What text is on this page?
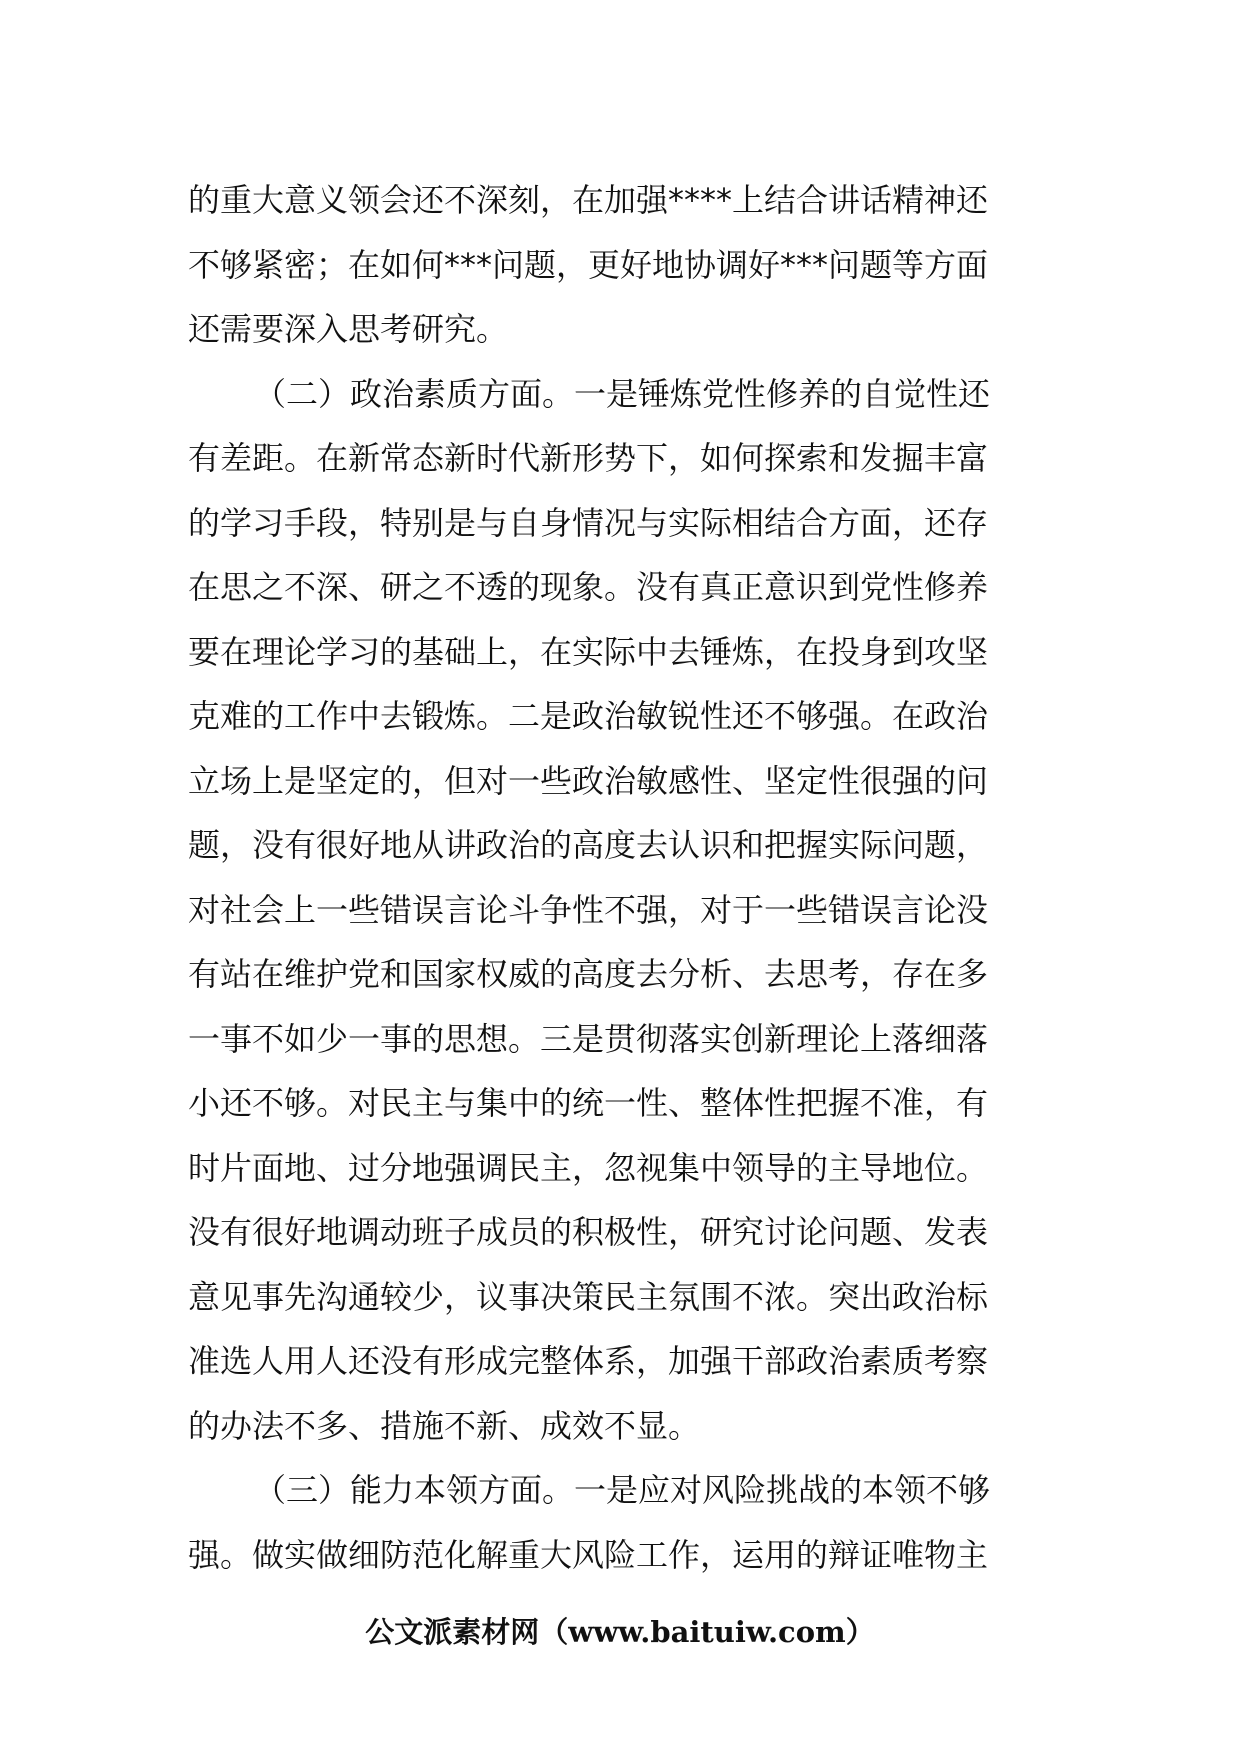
的重大意义领会还不深刻，在加强****上结合讲话精神还
不够紧密；在如何***问题，更好地协调好***问题等方面
还需要深入思考研究。
（二）政治素质方面。一是锤炼党性修养的自觉性还
有差距。在新常态新时代新形势下，如何探索和发掘丰富
的学习手段，特别是与自身情况与实际相结合方面，还存
在思之不深、研之不透的现象。没有真正意识到党性修养
要在理论学习的基础上，在实际中去锤炼，在投身到攻坚
克难的工作中去锻炼。二是政治敏锐性还不够强。在政治
立场上是坚定的，但对一些政治敏感性、坚定性很强的问
题，没有很好地从讲政治的高度去认识和把握实际问题，
对社会上一些错误言论斗争性不强，对于一些错误言论没
有站在维护党和国家权威的高度去分析、去思考，存在多
一事不如少一事的思想。三是贯彻落实创新理论上落细落
小还不够。对民主与集中的统一性、整体性把握不准，有
时片面地、过分地强调民主，忽视集中领导的主导地位。
没有很好地调动班子成员的积极性，研究讨论问题、发表
意见事先沟通较少，议事决策民主氛围不浓。突出政治标
准选人用人还没有形成完整体系，加强干部政治素质考察
的办法不多、措施不新、成效不显。
（三）能力本领方面。一是应对风险挑战的本领不够
强。做实做细防范化解重大风险工作，运用的辩证唯物主
公文派素材网（www.baituiw.com）
